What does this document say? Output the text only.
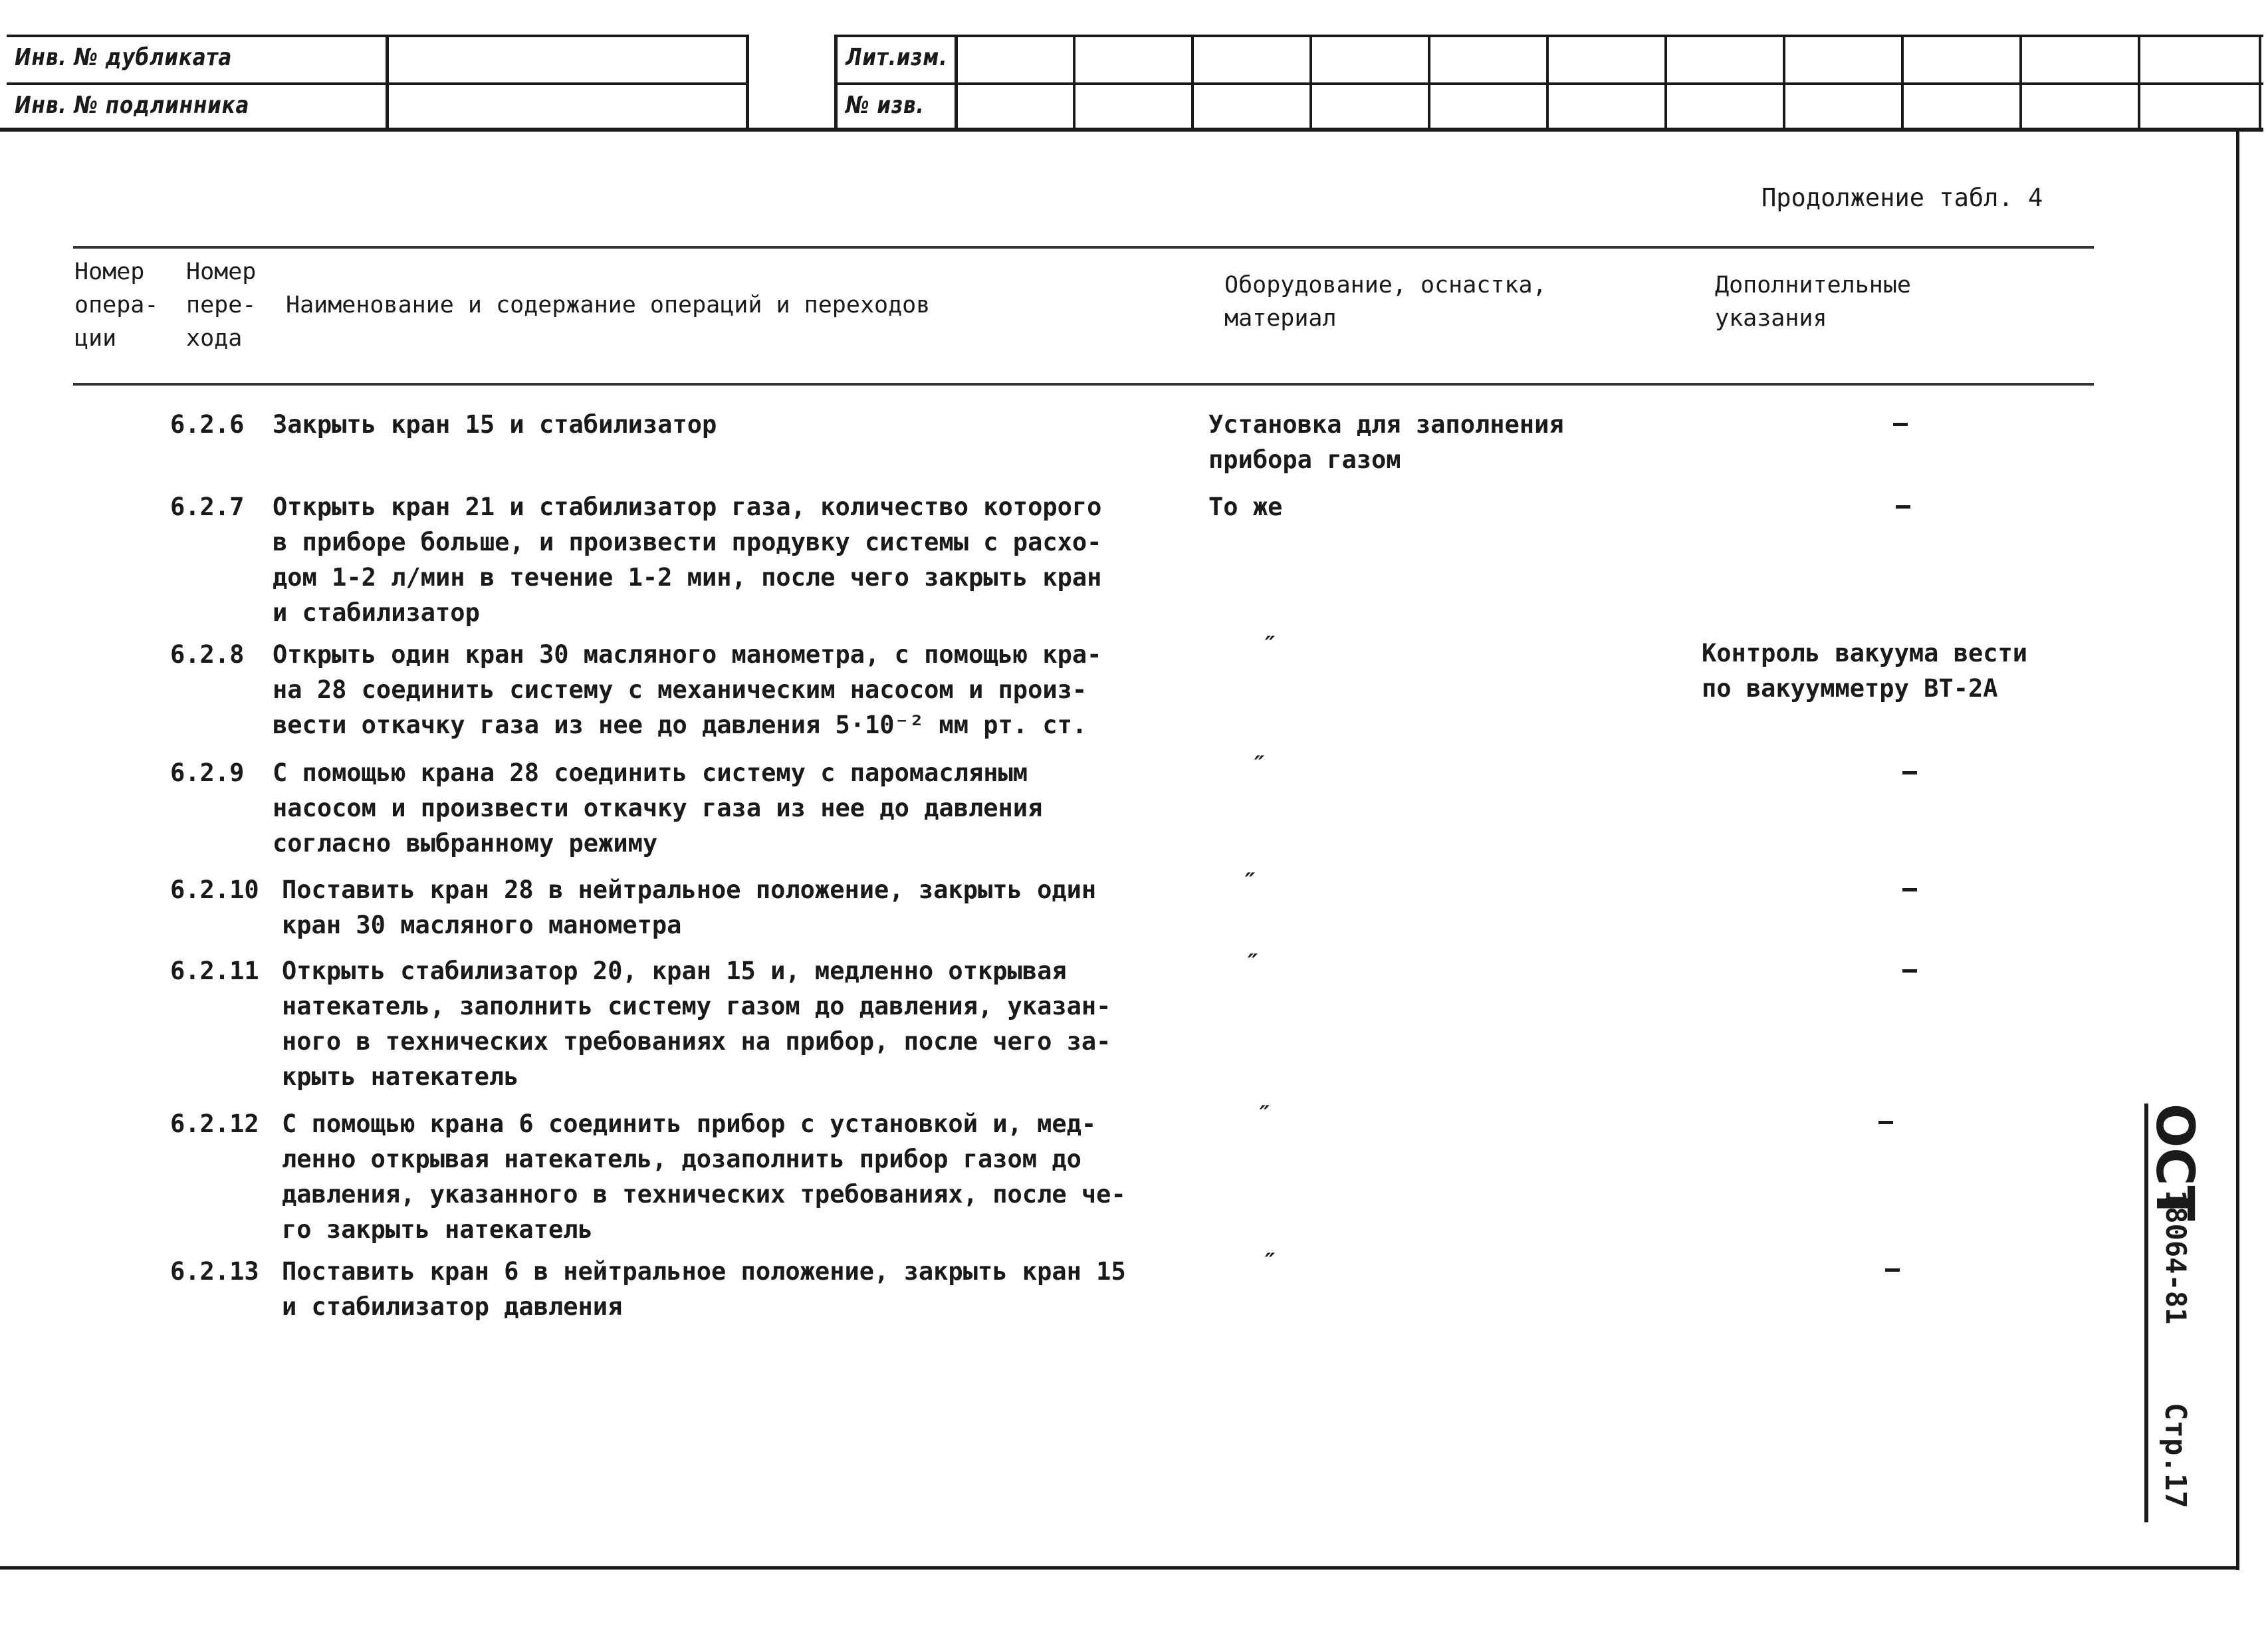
Инв. № дубликата
Инв. № подлинника
Лит.изм.
№ изв.
Продолжение табл. 4
Номер
опера-
ции
Номер
пере-
хода
Наименование и содержание операций и переходов
Оборудование, оснастка,
материал
Дополнительные
указания
6.2.6 Закрыть кран 15 и стабилизатор	Установка для заполнения
прибора газом
6.2.7 Открыть кран 21 и стабилизатор газа, количество которого
в приборе больше, и произвести продувку системы с расхо-
дом 1-2 л/мин в течение 1-2 мин, после чего закрыть кран
и стабилизатор
То же
6.2.8 Открыть один кран 30 масляного манометра, с помощью кра-
на 28 соединить систему с механическим насосом и произ-
вести откачку газа из нее до давления 5·10⁻² мм рт. ст.
″	Контроль вакуума вести
по вакуумметру ВТ-2А
6.2.9 С помощью крана 28 соединить систему с паромасляным
насосом и произвести откачку газа из нее до давления
согласно выбранному режиму
″
6.2.10 Поставить кран 28 в нейтральное положение, закрыть один
кран 30 масляного манометра
″
6.2.11 Открыть стабилизатор 20, кран 15 и, медленно открывая
натекатель, заполнить систему газом до давления, указан-
ного в технических требованиях на прибор, после чего за-
крыть натекатель
″
6.2.12 С помощью крана 6 соединить прибор с установкой и, мед-
ленно открывая натекатель, дозаполнить прибор газом до
давления, указанного в технических требованиях, после че-
го закрыть натекатель
″
6.2.13 Поставить кран 6 в нейтральное положение, закрыть кран 15
и стабилизатор давления
″
ОСТ
18064-81
Стр.17
